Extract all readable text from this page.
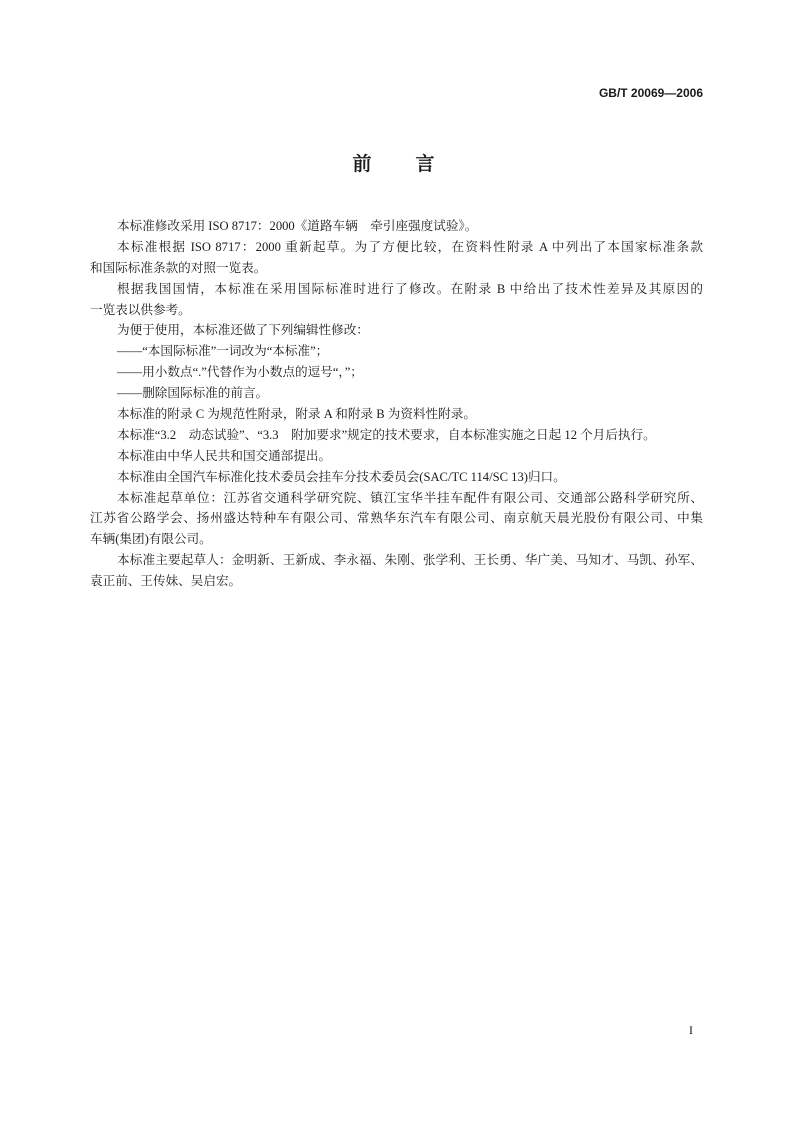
GB/T 20069—2006
前言
本标准修改采用 ISO 8717：2000《道路车辆　牵引座强度试验》。
本标准根据 ISO 8717：2000 重新起草。为了方便比较，在资料性附录 A 中列出了本国家标准条款
和国际标准条款的对照一览表。
根据我国国情，本标准在采用国际标准时进行了修改。在附录 B 中给出了技术性差异及其原因的
一览表以供参考。
为便于使用，本标准还做了下列编辑性修改：
——“本国际标准”一词改为“本标准”；
——用小数点“.”代替作为小数点的逗号“，”；
——删除国际标准的前言。
本标准的附录 C 为规范性附录，附录 A 和附录 B 为资料性附录。
本标准“3.2　动态试验”、“3.3　附加要求”规定的技术要求，自本标准实施之日起 12 个月后执行。
本标准由中华人民共和国交通部提出。
本标准由全国汽车标准化技术委员会挂车分技术委员会(SAC/TC 114/SC 13)归口。
本标准起草单位：江苏省交通科学研究院、镇江宝华半挂车配件有限公司、交通部公路科学研究所、
江苏省公路学会、扬州盛达特种车有限公司、常熟华东汽车有限公司、南京航天晨光股份有限公司、中集
车辆(集团)有限公司。
本标准主要起草人：金明新、王新成、李永福、朱刚、张学利、王长勇、华广美、马知才、马凯、孙军、
袁正前、王传妹、吴启宏。
I
